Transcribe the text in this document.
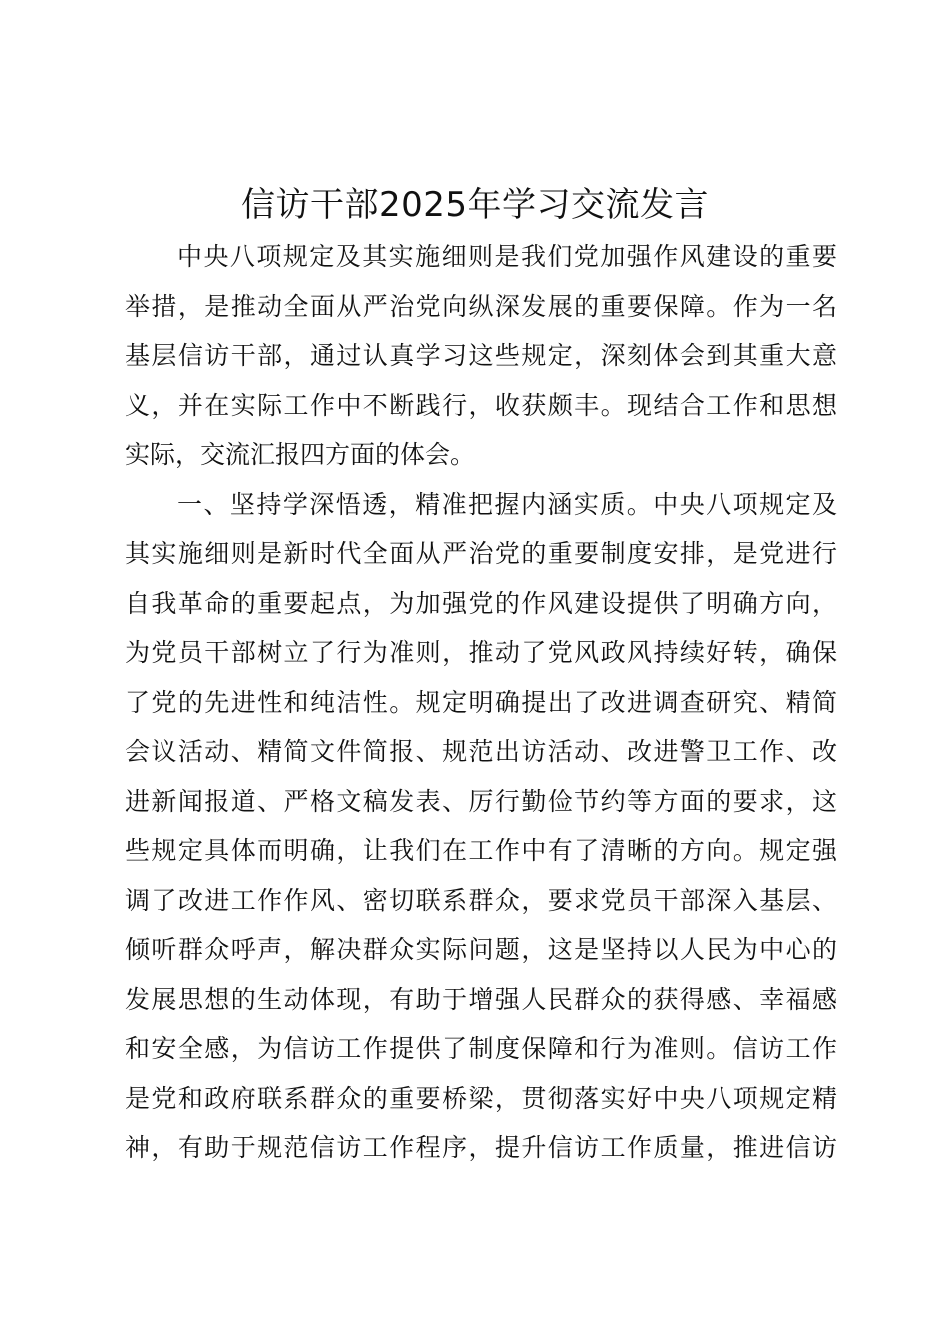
信访干部2025年学习交流发言
中央八项规定及其实施细则是我们党加强作风建设的重要
举措，是推动全面从严治党向纵深发展的重要保障。作为一名
基层信访干部，通过认真学习这些规定，深刻体会到其重大意
义，并在实际工作中不断践行，收获颇丰。现结合工作和思想
实际，交流汇报四方面的体会。
一、坚持学深悟透，精准把握内涵实质。中央八项规定及
其实施细则是新时代全面从严治党的重要制度安排，是党进行
自我革命的重要起点，为加强党的作风建设提供了明确方向，
为党员干部树立了行为准则，推动了党风政风持续好转，确保
了党的先进性和纯洁性。规定明确提出了改进调查研究、精简
会议活动、精简文件简报、规范出访活动、改进警卫工作、改
进新闻报道、严格文稿发表、厉行勤俭节约等方面的要求，这
些规定具体而明确，让我们在工作中有了清晰的方向。规定强
调了改进工作作风、密切联系群众，要求党员干部深入基层、
倾听群众呼声，解决群众实际问题，这是坚持以人民为中心的
发展思想的生动体现，有助于增强人民群众的获得感、幸福感
和安全感，为信访工作提供了制度保障和行为准则。信访工作
是党和政府联系群众的重要桥梁，贯彻落实好中央八项规定精
神，有助于规范信访工作程序，提升信访工作质量，推进信访
